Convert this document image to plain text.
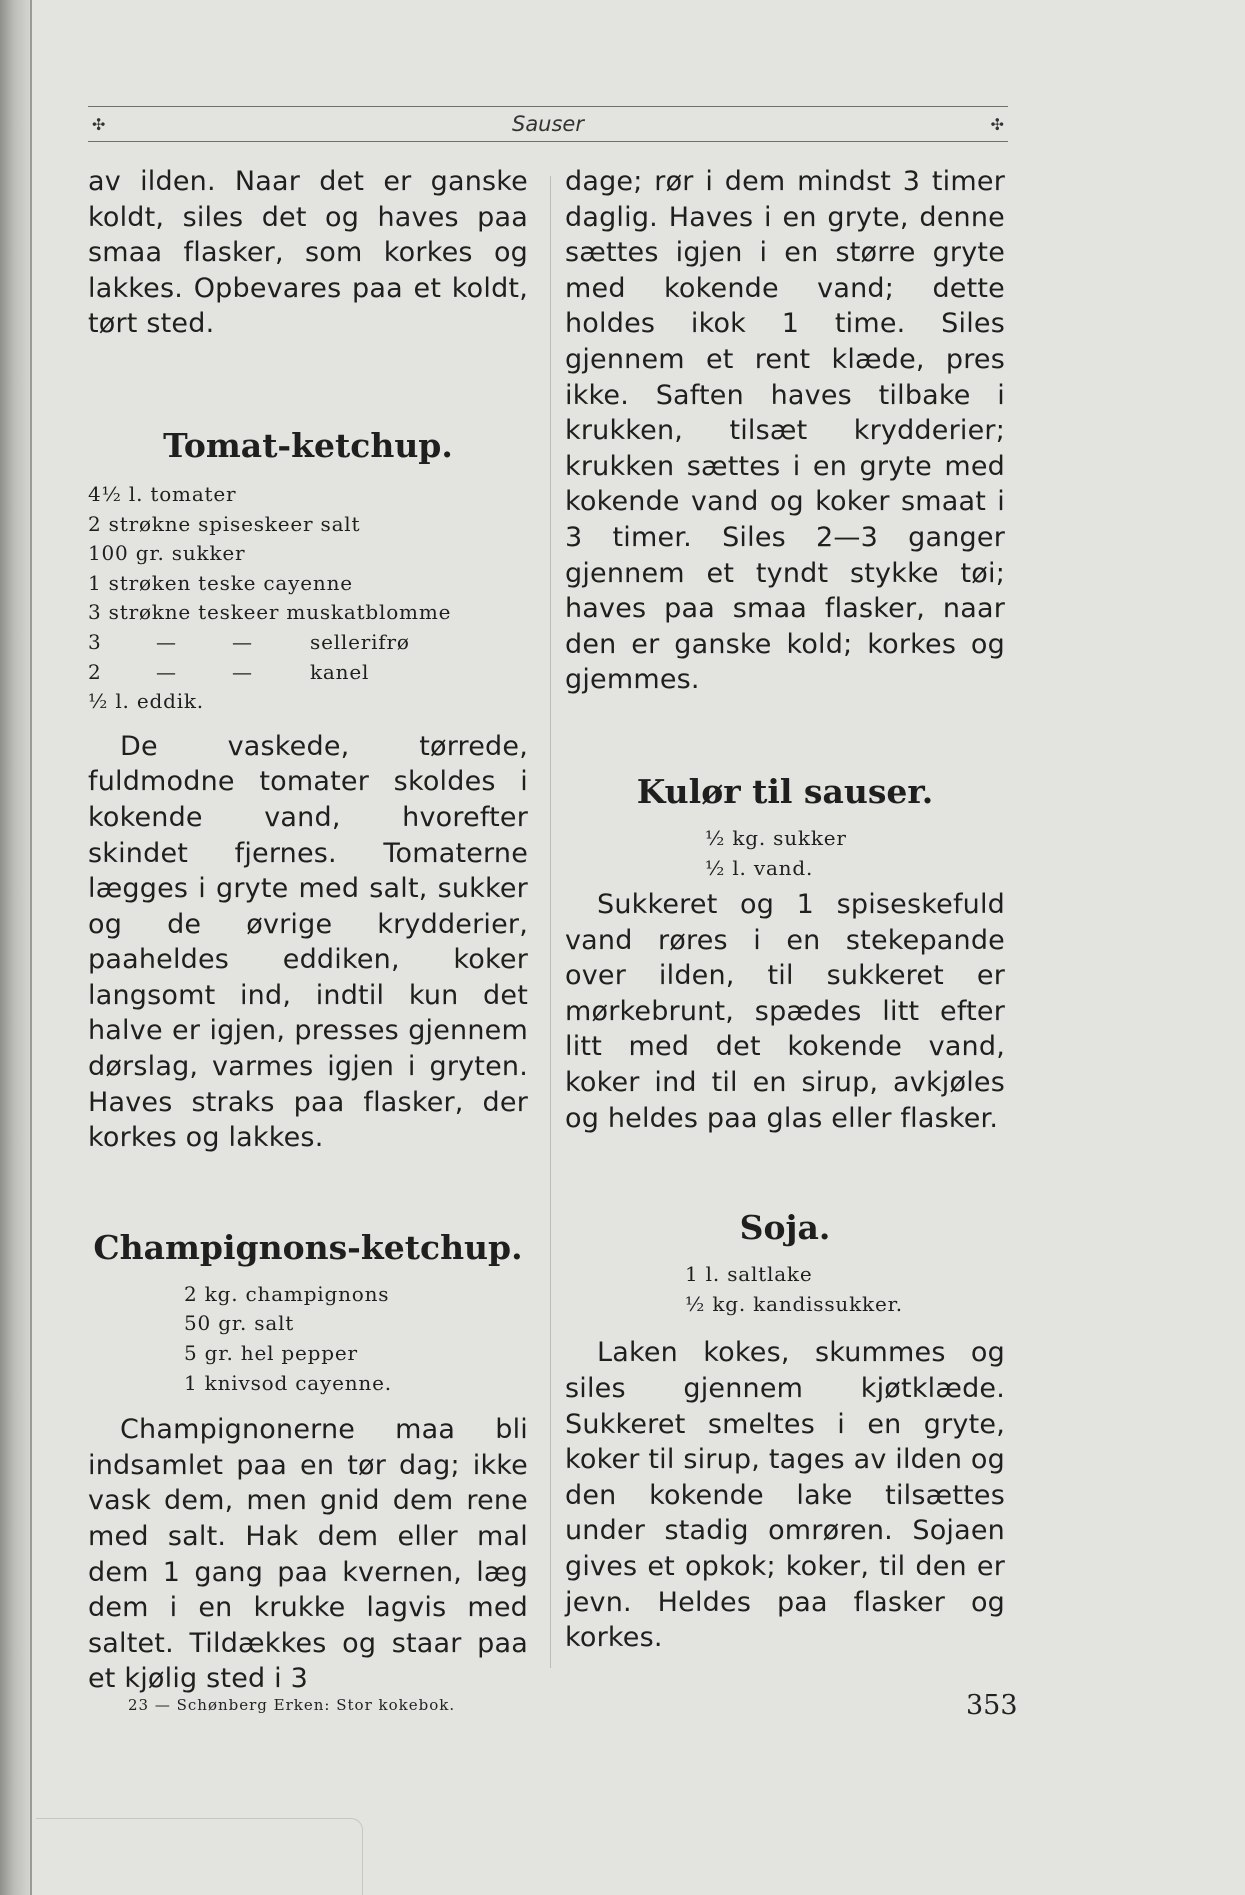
✣	Sauser	✣

av ilden. Naar det er ganske koldt, siles det og haves paa smaa flasker, som korkes og lakkes. Opbevares paa et koldt, tørt sted.

Tomat-ketchup.
4½ l. tomater
2 strøkne spiseskeer salt
100 gr. sukker
1 strøken teske cayenne
3 strøkne teskeer muskatblomme
3	—	—	sellerifrø
2	—	—	kanel
½ l. eddik.

De vaskede, tørrede, fuldmodne tomater skoldes i kokende vand, hvorefter skindet fjernes. Tomaterne lægges i gryte med salt, sukker og de øvrige krydderier, paaheldes eddiken, koker langsomt ind, indtil kun det halve er igjen, presses gjennem dørslag, varmes igjen i gryten. Haves straks paa flasker, der korkes og lakkes.

Champignons-ketchup.
2 kg. champignons
50 gr. salt
5 gr. hel pepper
1 knivsod cayenne.

Champignonerne maa bli indsamlet paa en tør dag; ikke vask dem, men gnid dem rene med salt. Hak dem eller mal dem 1 gang paa kvernen, læg dem i en krukke lagvis med saltet. Tildækkes og staar paa et kjølig sted i 3

dage; rør i dem mindst 3 timer daglig. Haves i en gryte, denne sættes igjen i en større gryte med kokende vand; dette holdes ikok 1 time. Siles gjennem et rent klæde, pres ikke. Saften haves tilbake i krukken, tilsæt krydderier; krukken sættes i en gryte med kokende vand og koker smaat i 3 timer. Siles 2—3 ganger gjennem et tyndt stykke tøi; haves paa smaa flasker, naar den er ganske kold; korkes og gjemmes.

Kulør til sauser.
½ kg. sukker
½ l. vand.

Sukkeret og 1 spiseskefuld vand røres i en stekepande over ilden, til sukkeret er mørkebrunt, spædes litt efter litt med det kokende vand, koker ind til en sirup, avkjøles og heldes paa glas eller flasker.

Soja.
1 l. saltlake
½ kg. kandissukker.

Laken kokes, skummes og siles gjennem kjøtklæde. Sukkeret smeltes i en gryte, koker til sirup, tages av ilden og den kokende lake tilsættes under stadig omrøren. Sojaen gives et opkok; koker, til den er jevn. Heldes paa flasker og korkes.

23 — Schønberg Erken: Stor kokebok.	353
